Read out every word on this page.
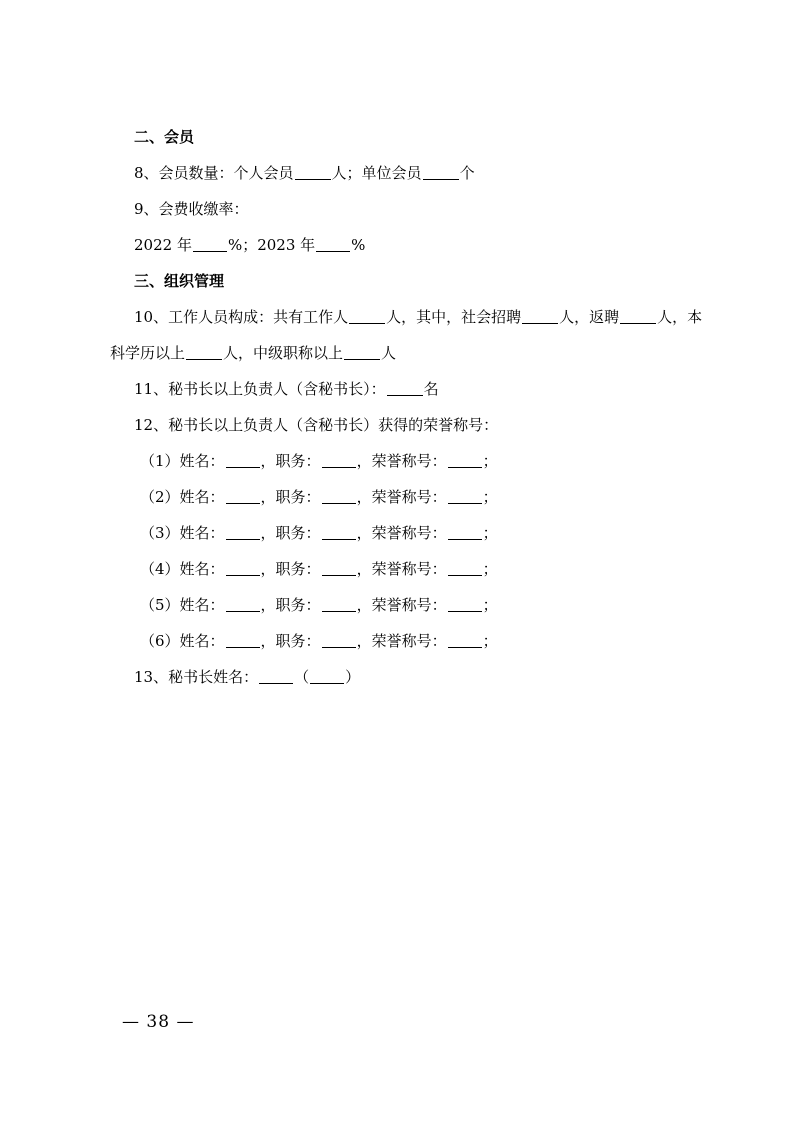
二、会员
8、会员数量：个人会员	人；单位会员	个
9、会费收缴率：
2022 年 %；2023 年 %
三、组织管理
10、工作人员构成：共有工作人	人，其中，社会招聘	人，返聘	人，本
科学历以上	人，中级职称以上	人
11、秘书长以上负责人（含秘书长）：	名
12、秘书长以上负责人（含秘书长）获得的荣誉称号：
（1）姓名： ，职务： ，荣誉称号： ；
（2）姓名： ，职务： ，荣誉称号： ；
（3）姓名： ，职务： ，荣誉称号： ；
（4）姓名： ，职务： ，荣誉称号： ；
（5）姓名： ，职务： ，荣誉称号： ；
（6）姓名： ，职务： ，荣誉称号： ；
13、秘书长姓名： （ ）
— 38 —
